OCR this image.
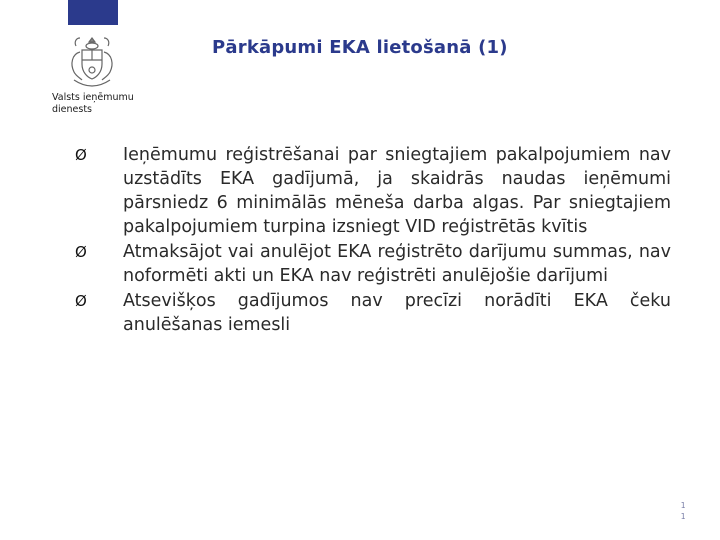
Valsts ieņēmumu
dienests
Pārkāpumi EKA lietošanā (1)
Ø	Ieņēmumu reģistrēšanai par sniegtajiem pakalpojumiem nav uzstādīts EKA gadījumā, ja skaidrās naudas ieņēmumi pārsniedz 6 minimālās mēneša darba algas. Par sniegtajiem pakalpojumiem turpina izsniegt VID reģistrētās kvītis
Ø	Atmaksājot vai anulējot EKA reģistrēto darījumu summas, nav noformēti akti un EKA nav reģistrēti anulējošie darījumi
Ø	Atsevišķos gadījumos nav precīzi norādīti EKA čeku anulēšanas iemesli
1
1
